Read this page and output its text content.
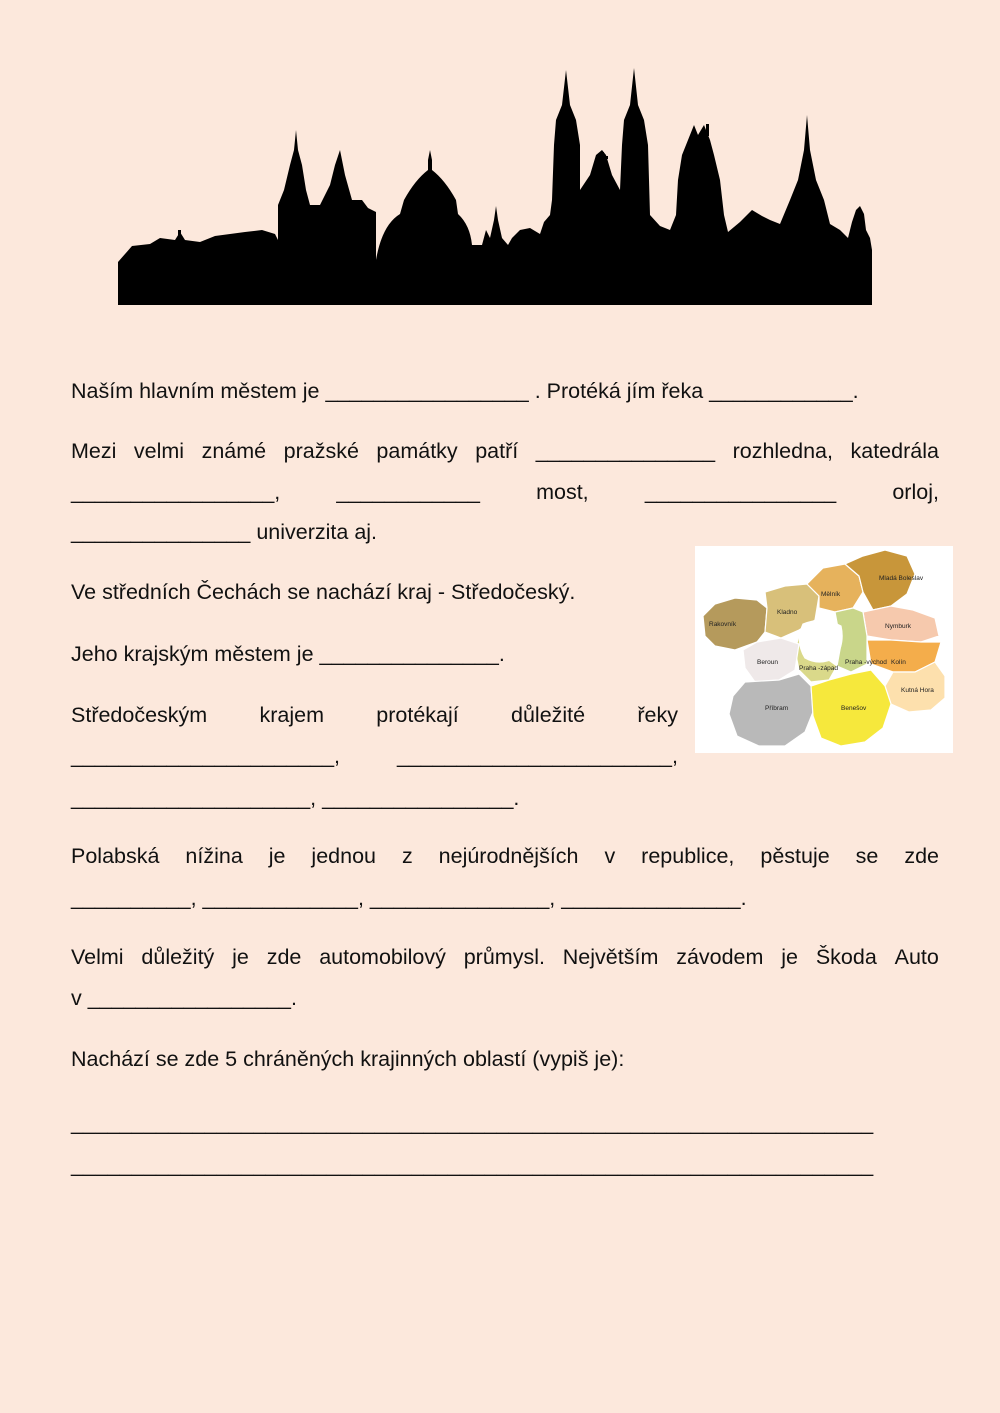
Naším hlavním městem je _________________ . Protéká jím řeka ____________.

Mezi velmi známé pražské památky patří _______________ rozhledna, katedrála
_________________,	____________	most,	________________	orloj,

_______________ univerzita aj.

Ve středních Čechách se nachází kraj - Středočeský.

Jeho krajským městem je _______________.

Středočeským krajem protékají důležité řeky
______________________,	_______________________,

____________________, ________________.

Polabská nížina je jednou z nejúrodnějších v republice, pěstuje se zde

__________, _____________, _______________, _______________.

Velmi důležitý je zde automobilový průmysl. Největším závodem je Škoda Auto

v _________________.

Nachází se zde 5 chráněných krajinných oblastí (vypiš je):

__________________________________________________________________

__________________________________________________________________

Mladá Boleslav
Mělník
Kladno
Rakovník	Nymburk
Kolín
Beroun
Praha -západ
Praha -východ
Kutná Hora
Příbram	Benešov
